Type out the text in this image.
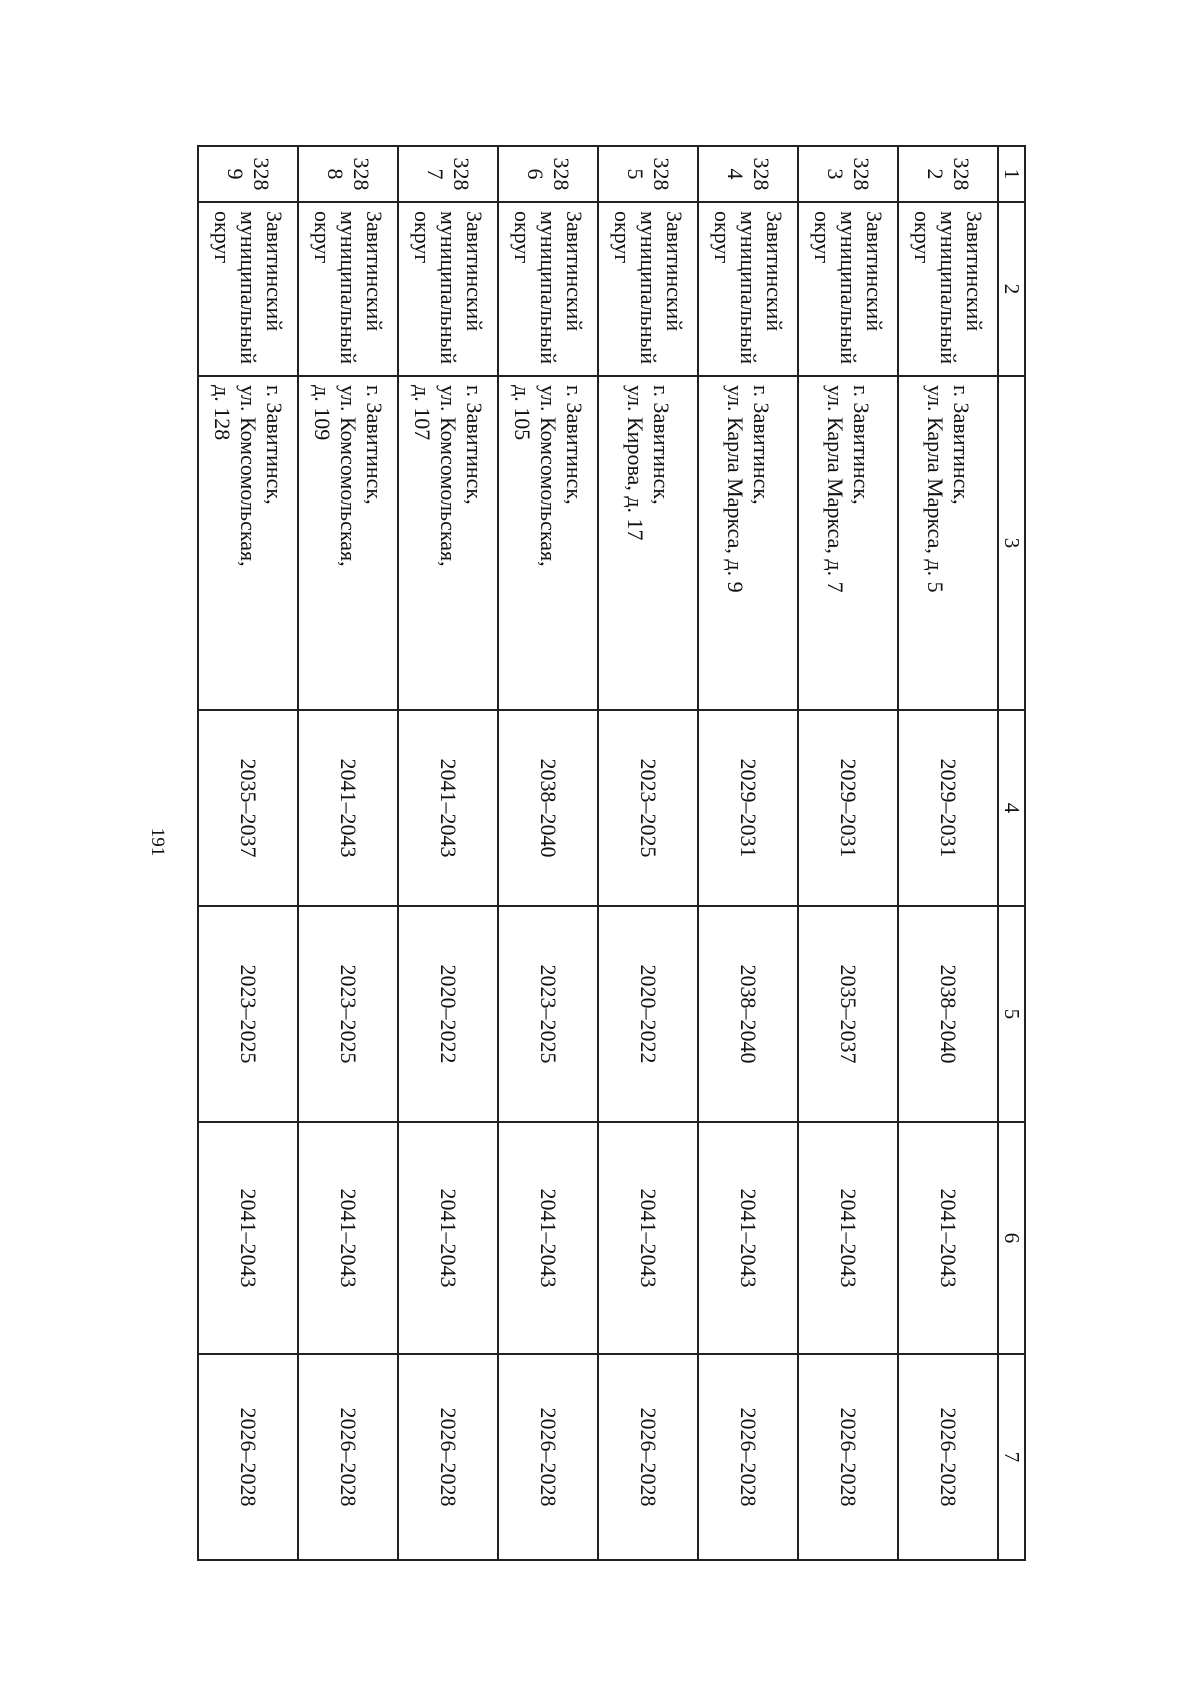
191
1	2	3	4	5	6	7
3282	Завитинский
муниципальный
округ	г. Завитинск,
ул. Карла Маркса, д. 5	2029–2031	2038–2040	2041–2043	2026–2028
3283	Завитинский
муниципальный
округ	г. Завитинск,
ул. Карла Маркса, д. 7	2029–2031	2035–2037	2041–2043	2026–2028
3284	Завитинский
муниципальный
округ	г. Завитинск,
ул. Карла Маркса, д. 9	2029–2031	2038–2040	2041–2043	2026–2028
3285	Завитинский
муниципальный
округ	г. Завитинск,
ул. Кирова, д. 17	2023–2025	2020–2022	2041–2043	2026–2028
3286	Завитинский
муниципальный
округ	г. Завитинск,
ул. Комсомольская,
д. 105	2038–2040	2023–2025	2041–2043	2026–2028
3287	Завитинский
муниципальный
округ	г. Завитинск,
ул. Комсомольская,
д. 107	2041–2043	2020–2022	2041–2043	2026–2028
3288	Завитинский
муниципальный
округ	г. Завитинск,
ул. Комсомольская,
д. 109	2041–2043	2023–2025	2041–2043	2026–2028
3289	Завитинский
муниципальный
округ	г. Завитинск,
ул. Комсомольская,
д. 128	2035–2037	2023–2025	2041–2043	2026–2028
